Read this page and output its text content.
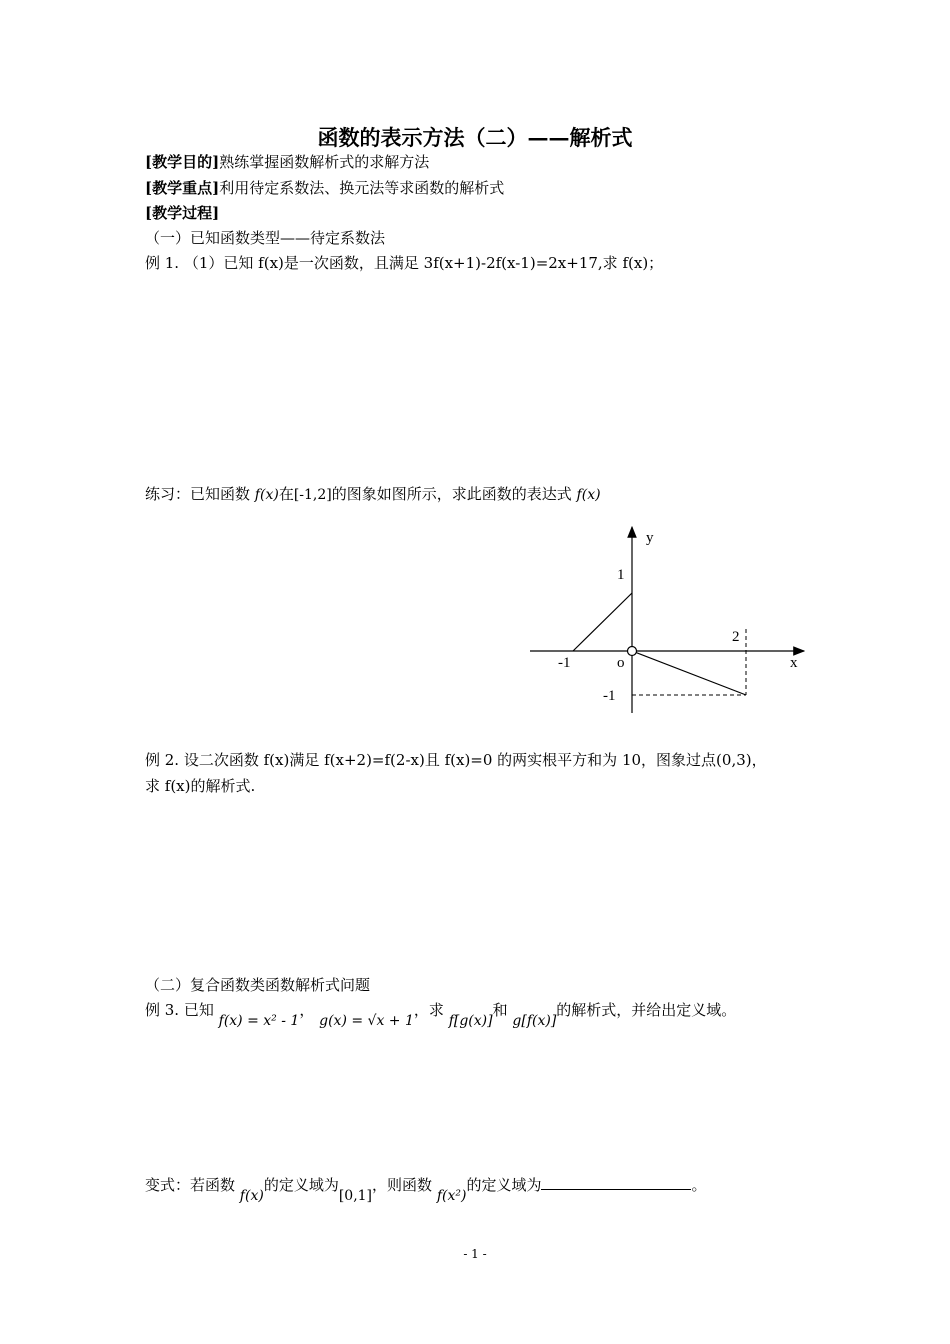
函数的表示方法（二）——解析式
[教学目的]熟练掌握函数解析式的求解方法
[教学重点]利用待定系数法、换元法等求函数的解析式
[教学过程]
（一）已知函数类型——待定系数法
例 1. （1）已知 f(x)是一次函数，且满足 3f(x+1)-2f(x-1)=2x+17,求 f(x)；
练习：已知函数 f(x)在[-1,2]的图象如图所示，求此函数的表达式 f(x)
y
x
o
1
-1
-1
2
例 2. 设二次函数 f(x)满足 f(x+2)=f(2-x)且 f(x)=0 的两实根平方和为 10，图象过点(0,3)，
求 f(x)的解析式.
（二）复合函数类函数解析式问题
例 3. 已知 f(x) = x² - 1， g(x) = √x + 1，求 f[g(x)]和 g[f(x)]的解析式，并给出定义域。
变式：若函数 f(x)的定义域为[0,1]，则函数 f(x²)的定义域为	。
- 1 -
